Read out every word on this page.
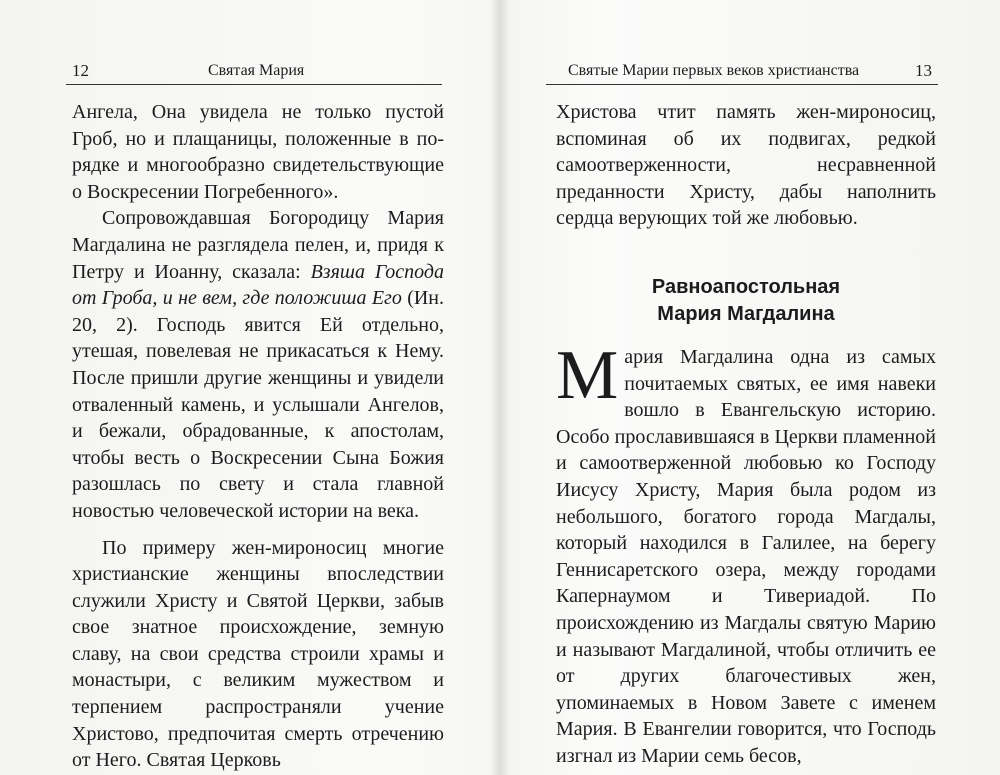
12	Святая Мария

Ангела, Она увидела не только пустой
Гроб, но и плащаницы, положенные в по-
рядке и многообразно свидетельствующие
о Воскресении Погребенного».

Сопровождавшая Богородицу Мария Магдалина не разглядела пелен, и, придя к Петру и Иоанну, сказала: Взяша Господа от Гроба, и не вем, где положиша Его (Ин. 20, 2). Господь явится Ей отдельно, утешая, повелевая не прикасаться к Нему. После пришли другие женщины и увидели отваленный камень, и услышали Ангелов, и бежали, обрадованные, к апостолам, чтобы весть о Воскресении Сына Божия разошлась по свету и стала главной новостью человеческой истории на века.

По примеру жен-мироносиц многие христианские женщины впоследствии служили Христу и Святой Церкви, забыв свое знатное происхождение, земную славу, на свои средства строили храмы и монастыри, с великим мужеством и терпением распространяли учение Христово, предпочитая смерть отречению от Него. Святая Церковь

Святые Марии первых веков христианства	13

Христова чтит память жен-мироносиц, вспоминая об их подвигах, редкой самоотверженности, несравненной преданности Христу, дабы наполнить сердца верующих той же любовью.

Равноапостольная
Мария Магдалина

Мария Магдалина одна из самых почитаемых святых, ее имя навеки вошло в Евангельскую историю. Особо прославившаяся в Церкви пламенной и самоотверженной любовью ко Господу Иисусу Христу, Мария была родом из небольшого, богатого города Магдалы, который находился в Галилее, на берегу Геннисаретского озера, между городами Капернаумом и Тивериадой. По происхождению из Магдалы святую Марию и называют Магдалиной, чтобы отличить ее от других благочестивых жен, упоминаемых в Новом Завете с именем Мария. В Евангелии говорится, что Господь изгнал из Марии семь бесов,
